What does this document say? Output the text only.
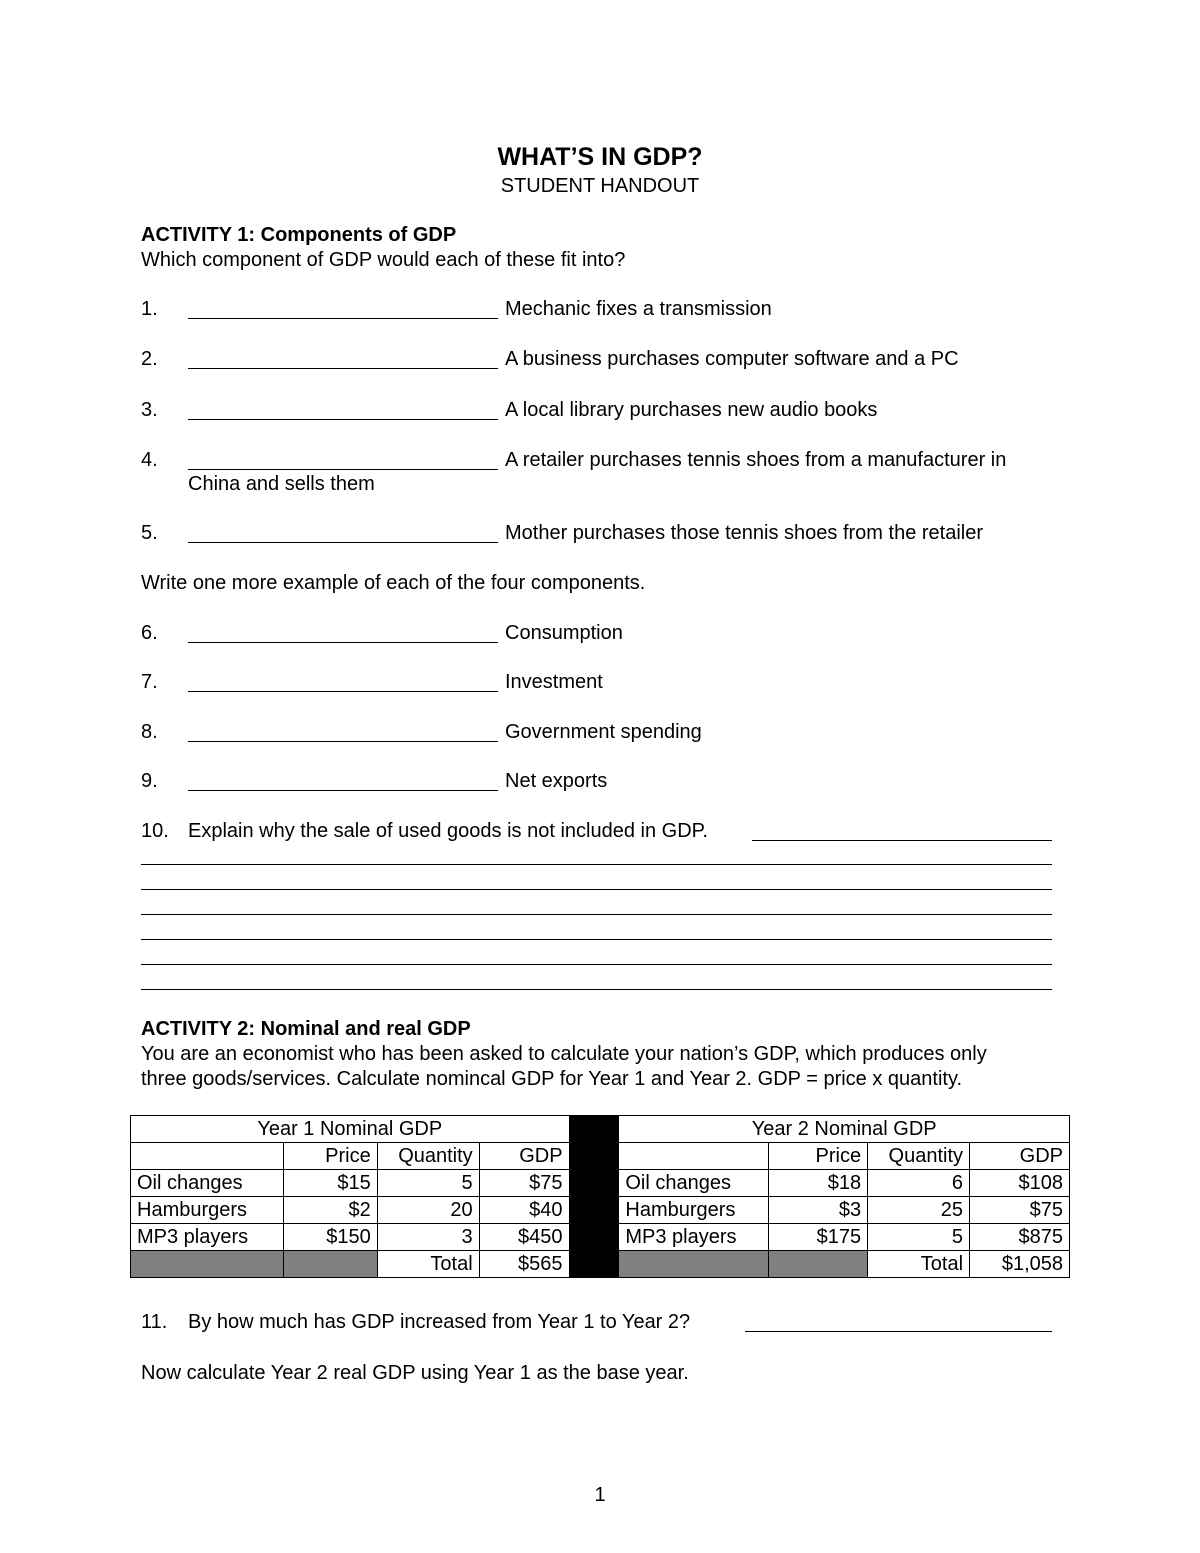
WHAT’S IN GDP?
STUDENT HANDOUT
ACTIVITY 1: Components of GDP
Which component of GDP would each of these fit into?
1.	Mechanic fixes a transmission
2.	A business purchases computer software and a PC
3.	A local library purchases new audio books
4.	A retailer purchases tennis shoes from a manufacturer in
China and sells them
5.	Mother purchases those tennis shoes from the retailer
Write one more example of each of the four components.
6.	Consumption
7.	Investment
8.	Government spending
9.	Net exports
10. Explain why the sale of used goods is not included in GDP.
ACTIVITY 2: Nominal and real GDP
You are an economist who has been asked to calculate your nation’s GDP, which produces only
three goods/services. Calculate nomincal GDP for Year 1 and Year 2. GDP = price x quantity.
Year 1 Nominal GDP					Year 2 Nominal GDP			
	Price	Quantity	GDP			Price	Quantity	GDP
Oil changes	$15	5	$75		Oil changes	$18	6	$108
Hamburgers	$2	20	$40		Hamburgers	$3	25	$75
MP3 players	$150	3	$450		MP3 players	$175	5	$875
		Total	$565				Total	$1,058
11. By how much has GDP increased from Year 1 to Year 2?
Now calculate Year 2 real GDP using Year 1 as the base year.
1
